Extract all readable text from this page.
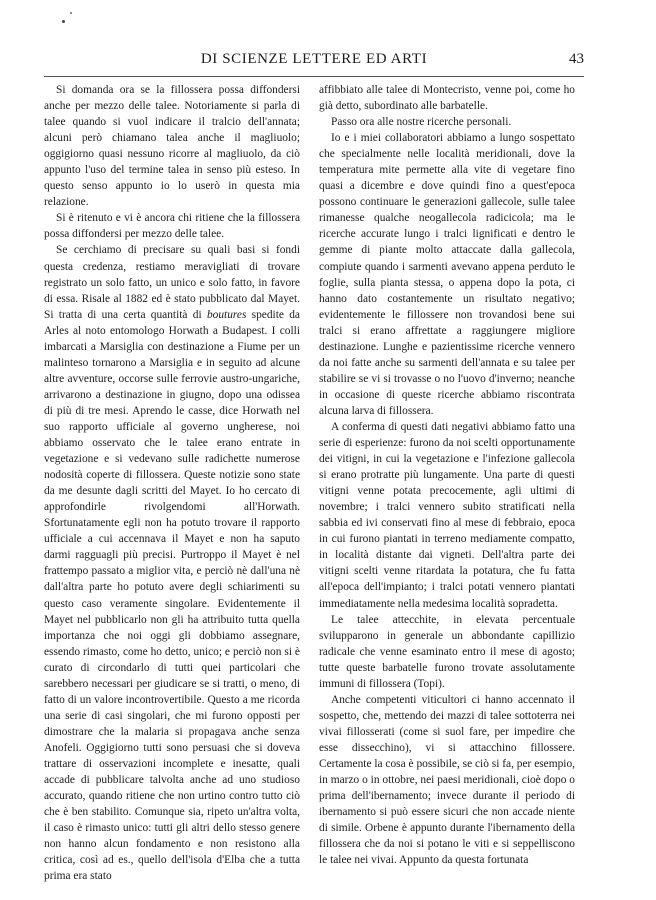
DI SCIENZE LETTERE ED ARTI	43

Si domanda ora se la fillossera possa diffondersi anche per mezzo delle talee. Notoriamente si parla di talee quando si vuol indicare il tralcio dell'annata; alcuni però chiamano talea anche il magliuolo; oggigiorno quasi nessuno ricorre al magliuolo, da ciò appunto l'uso del termine talea in senso più esteso. In questo senso appunto io lo userò in questa mia relazione.

Si è ritenuto e vi è ancora chi ritiene che la fillossera possa diffondersi per mezzo delle talee.

Se cerchiamo di precisare su quali basi si fondi questa credenza, restiamo meravigliati di trovare registrato un solo fatto, un unico e solo fatto, in favore di essa. Risale al 1882 ed è stato pubblicato dal Mayet. Si tratta di una certa quantità di boutures spedite da Arles al noto entomologo Horwath a Budapest. I colli imbarcati a Marsiglia con destinazione a Fiume per un malinteso tornarono a Marsiglia e in seguito ad alcune altre avventure, occorse sulle ferrovie austro-ungariche, arrivarono a destinazione in giugno, dopo una odissea di più di tre mesi. Aprendo le casse, dice Horwath nel suo rapporto ufficiale al governo ungherese, noi abbiamo osservato che le talee erano entrate in vegetazione e si vedevano sulle radichette numerose nodosità coperte di fillossera. Queste notizie sono state da me desunte dagli scritti del Mayet. Io ho cercato di approfondirle rivolgendomi all'Horwath. Sfortunatamente egli non ha potuto trovare il rapporto ufficiale a cui accennava il Mayet e non ha saputo darmi ragguagli più precisi. Purtroppo il Mayet è nel frattempo passato a miglior vita, e perciò nè dall'una nè dall'altra parte ho potuto avere degli schiarimenti su questo caso veramente singolare. Evidentemente il Mayet nel pubblicarlo non gli ha attribuito tutta quella importanza che noi oggi gli dobbiamo assegnare, essendo rimasto, come ho detto, unico; e perciò non si è curato di circondarlo di tutti quei particolari che sarebbero necessari per giudicare se si tratti, o meno, di fatto di un valore incontrovertibile. Questo a me ricorda una serie di casi singolari, che mi furono opposti per dimostrare che la malaria si propagava anche senza Anofeli. Oggigiorno tutti sono persuasi che si doveva trattare di osservazioni incomplete e inesatte, quali accade di pubblicare talvolta anche ad uno studioso accurato, quando ritiene che non urtino contro tutto ciò che è ben stabilito. Comunque sia, ripeto un'altra volta, il caso è rimasto unico: tutti gli altri dello stesso genere non hanno alcun fondamento e non resistono alla critica, così ad es., quello dell'isola d'Elba che a tutta prima era stato

affibbiato alle talee di Montecristo, venne poi, come ho già detto, subordinato alle barbatelle.

Passo ora alle nostre ricerche personali.

Io e i miei collaboratori abbiamo a lungo sospettato che specialmente nelle località meridionali, dove la temperatura mite permette alla vite di vegetare fino quasi a dicembre e dove quindi fino a quest'epoca possono continuare le generazioni gallecole, sulle talee rimanesse qualche neogallecola radicicola; ma le ricerche accurate lungo i tralci lignificati e dentro le gemme di piante molto attaccate dalla gallecola, compiute quando i sarmenti avevano appena perduto le foglie, sulla pianta stessa, o appena dopo la pota, ci hanno dato costantemente un risultato negativo; evidentemente le fillossere non trovandosi bene sui tralci si erano affrettate a raggiungere migliore destinazione. Lunghe e pazientissime ricerche vennero da noi fatte anche su sarmenti dell'annata e su talee per stabilire se vi si trovasse o no l'uovo d'inverno; neanche in occasione di queste ricerche abbiamo riscontrata alcuna larva di fillossera.

A conferma di questi dati negativi abbiamo fatto una serie di esperienze: furono da noi scelti opportunamente dei vitigni, in cui la vegetazione e l'infezione gallecola si erano protratte più lungamente. Una parte di questi vitigni venne potata precocemente, agli ultimi di novembre; i tralci vennero subito stratificati nella sabbia ed ivi conservati fino al mese di febbraio, epoca in cui furono piantati in terreno mediamente compatto, in località distante dai vigneti. Dell'altra parte dei vitigni scelti venne ritardata la potatura, che fu fatta all'epoca dell'impianto; i tralci potati vennero piantati immediatamente nella medesima località sopradetta.

Le talee attecchite, in elevata percentuale svilupparono in generale un abbondante capillizio radicale che venne esaminato entro il mese di agosto; tutte queste barbatelle furono trovate assolutamente immuni di fillossera (Topi).

Anche competenti viticultori ci hanno accennato il sospetto, che, mettendo dei mazzi di talee sottoterra nei vivai fillosserati (come si suol fare, per impedire che esse dissecchino), vi si attacchino fillossere. Certamente la cosa è possibile, se ciò si fa, per esempio, in marzo o in ottobre, nei paesi meridionali, cioè dopo o prima dell'ibernamento; invece durante il periodo di ibernamento si può essere sicuri che non accade niente di simile. Orbene è appunto durante l'ibernamento della fillossera che da noi si potano le viti e si seppelliscono le talee nei vivai. Appunto da questa fortunata
